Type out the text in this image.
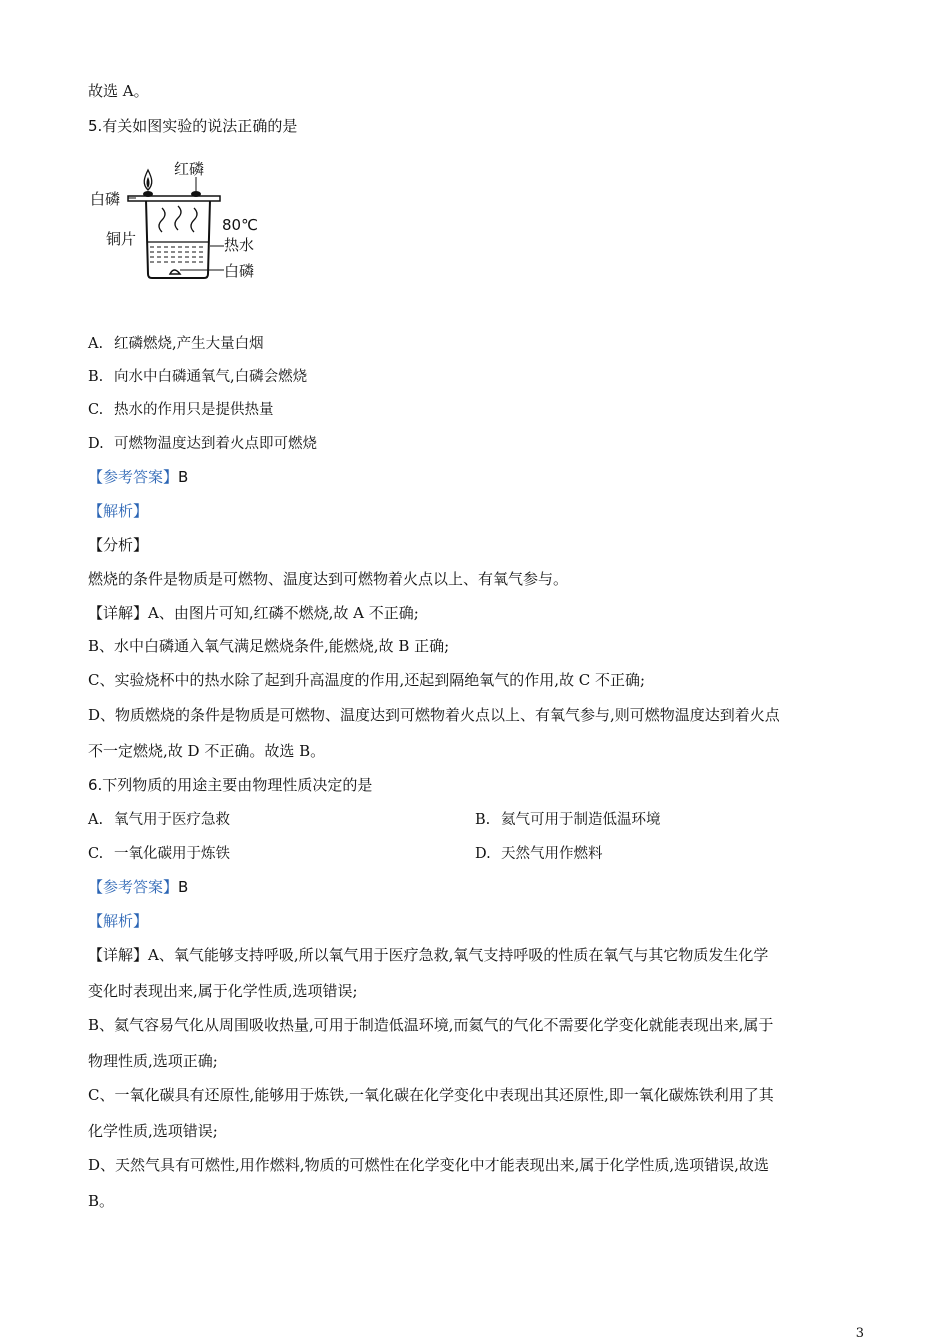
故选 A。
5.有关如图实验的说法正确的是
红磷
白磷
铜片
80℃
热水
白磷
A. 红磷燃烧,产生大量白烟
B. 向水中白磷通氧气,白磷会燃烧
C. 热水的作用只是提供热量
D. 可燃物温度达到着火点即可燃烧
【参考答案】B
【解析】
【分析】
燃烧的条件是物质是可燃物、温度达到可燃物着火点以上、有氧气参与。
【详解】A、由图片可知,红磷不燃烧,故 A 不正确;
B、水中白磷通入氧气满足燃烧条件,能燃烧,故 B 正确;
C、实验烧杯中的热水除了起到升高温度的作用,还起到隔绝氧气的作用,故 C 不正确;
D、物质燃烧的条件是物质是可燃物、温度达到可燃物着火点以上、有氧气参与,则可燃物温度达到着火点
不一定燃烧,故 D 不正确。故选 B。
6.下列物质的用途主要由物理性质决定的是
A. 氧气用于医疗急救	B. 氦气可用于制造低温环境
C. 一氧化碳用于炼铁	D. 天然气用作燃料
【参考答案】B
【解析】
【详解】A、氧气能够支持呼吸,所以氧气用于医疗急救,氧气支持呼吸的性质在氧气与其它物质发生化学
变化时表现出来,属于化学性质,选项错误;
B、氦气容易气化从周围吸收热量,可用于制造低温环境,而氦气的气化不需要化学变化就能表现出来,属于
物理性质,选项正确;
C、一氧化碳具有还原性,能够用于炼铁,一氧化碳在化学变化中表现出其还原性,即一氧化碳炼铁利用了其
化学性质,选项错误;
D、天然气具有可燃性,用作燃料,物质的可燃性在化学变化中才能表现出来,属于化学性质,选项错误,故选
B。
3
